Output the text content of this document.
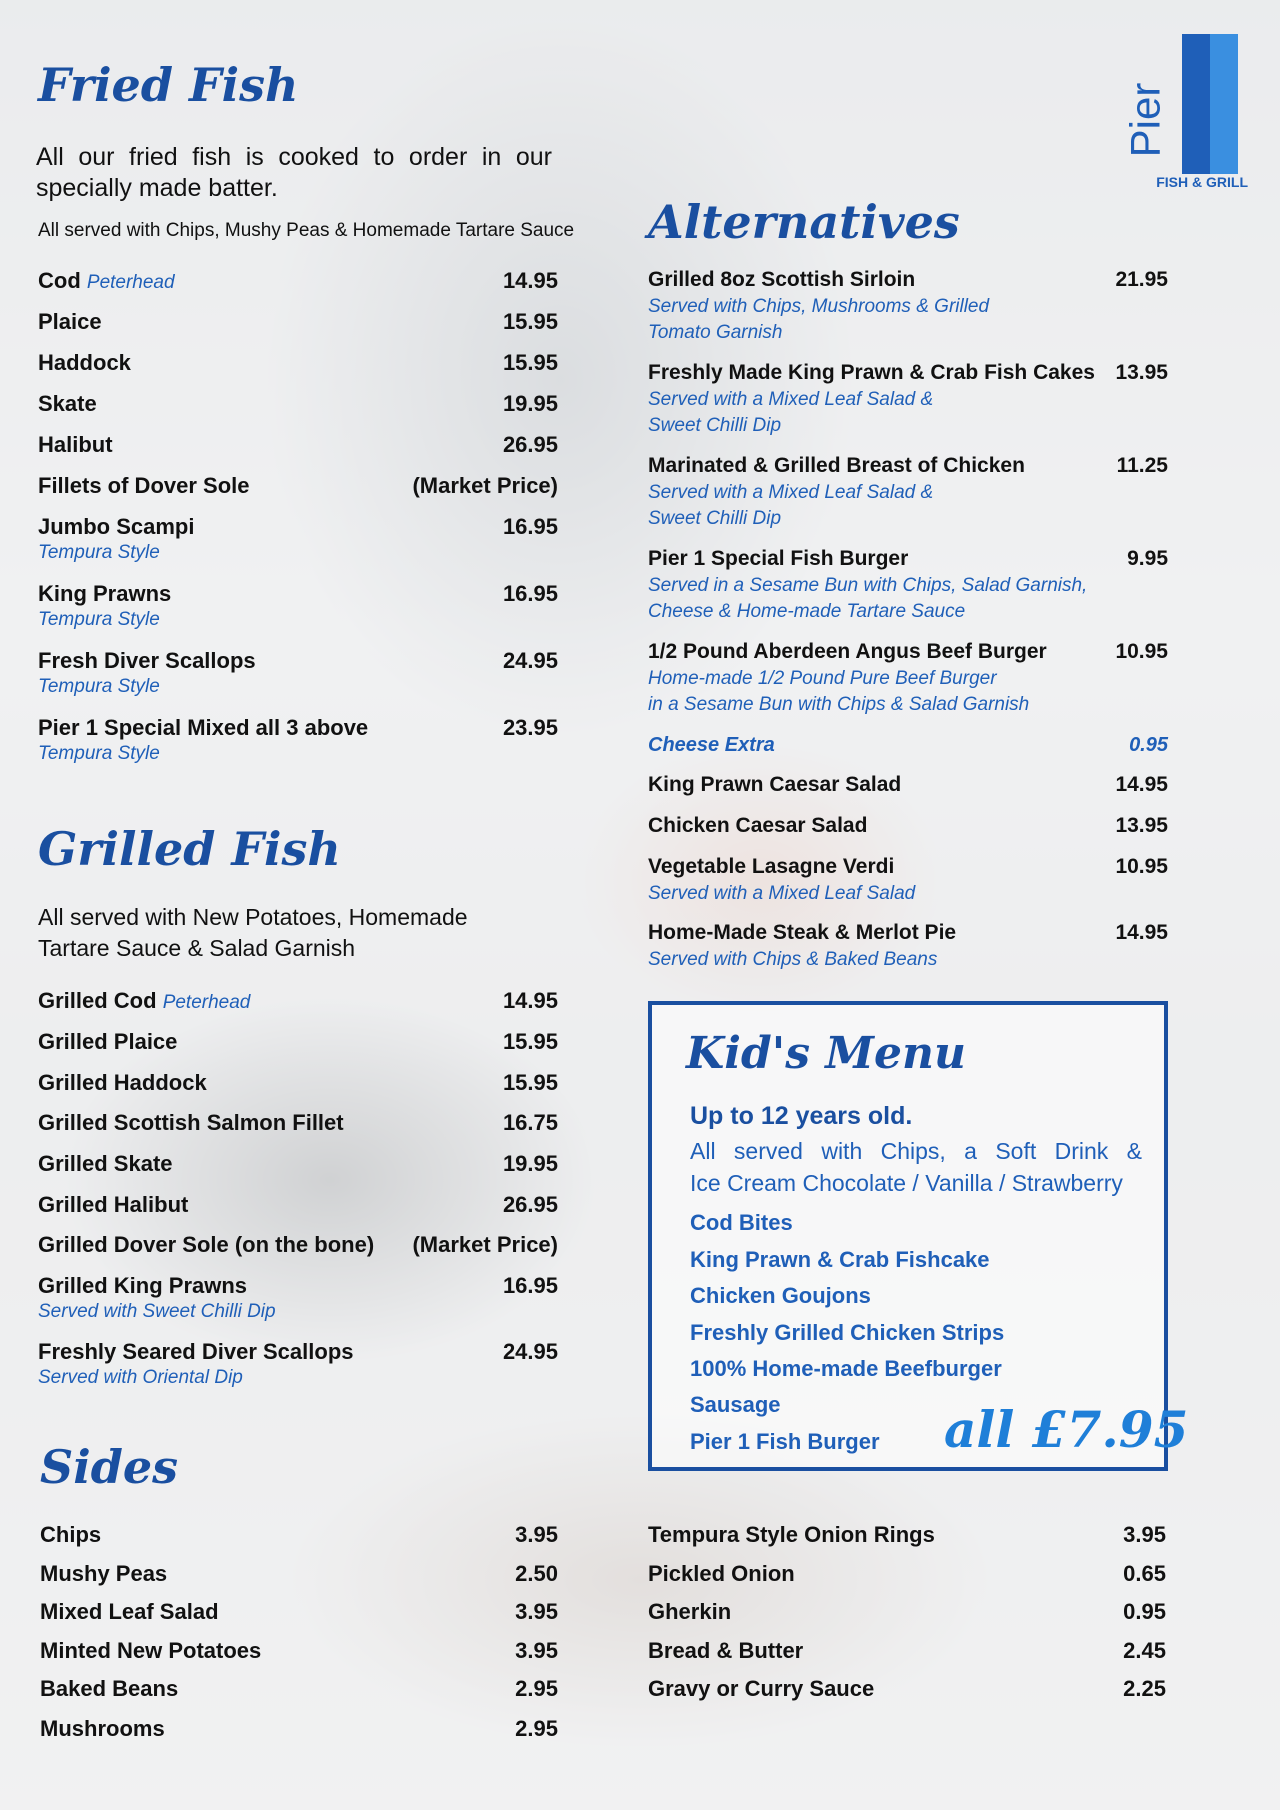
Pier
FISH & GRILL
Fried Fish
All our fried fish is cooked to order in our specially made batter.
All served with Chips, Mushy Peas & Homemade Tartare Sauce
Cod Peterhead	14.95
Plaice	15.95
Haddock	15.95
Skate	19.95
Halibut	26.95
Fillets of Dover Sole	(Market Price)
Jumbo Scampi	16.95
Tempura Style
King Prawns	16.95
Tempura Style
Fresh Diver Scallops	24.95
Tempura Style
Pier 1 Special Mixed all 3 above	23.95
Tempura Style
Grilled Fish
All served with New Potatoes, Homemade
Tartare Sauce & Salad Garnish
Grilled Cod Peterhead	14.95
Grilled Plaice	15.95
Grilled Haddock	15.95
Grilled Scottish Salmon Fillet	16.75
Grilled Skate	19.95
Grilled Halibut	26.95
Grilled Dover Sole (on the bone) (Market Price)
Grilled King Prawns	16.95
Served with Sweet Chilli Dip
Freshly Seared Diver Scallops	24.95
Served with Oriental Dip
Sides
Chips	3.95
Mushy Peas	2.50
Mixed Leaf Salad	3.95
Minted New Potatoes	3.95
Baked Beans	2.95
Mushrooms	2.95
Tempura Style Onion Rings	3.95
Pickled Onion	0.65
Gherkin	0.95
Bread & Butter	2.45
Gravy or Curry Sauce	2.25
Alternatives
Grilled 8oz Scottish Sirloin	21.95
Served with Chips, Mushrooms & Grilled
Tomato Garnish
Freshly Made King Prawn & Crab Fish Cakes 13.95
Served with a Mixed Leaf Salad &
Sweet Chilli Dip
Marinated & Grilled Breast of Chicken	11.25
Served with a Mixed Leaf Salad &
Sweet Chilli Dip
Pier 1 Special Fish Burger	9.95
Served in a Sesame Bun with Chips, Salad Garnish,
Cheese & Home-made Tartare Sauce
1/2 Pound Aberdeen Angus Beef Burger	10.95
Home-made 1/2 Pound Pure Beef Burger
in a Sesame Bun with Chips & Salad Garnish
Cheese Extra	0.95
King Prawn Caesar Salad	14.95
Chicken Caesar Salad	13.95
Vegetable Lasagne Verdi	10.95
Served with a Mixed Leaf Salad
Home-Made Steak & Merlot Pie	14.95
Served with Chips & Baked Beans
Kid's Menu
Up to 12 years old.
All served with Chips, a Soft Drink &
Ice Cream Chocolate / Vanilla / Strawberry
Cod Bites
King Prawn & Crab Fishcake
Chicken Goujons
Freshly Grilled Chicken Strips
100% Home-made Beefburger
Sausage
Pier 1 Fish Burger all £7.95
